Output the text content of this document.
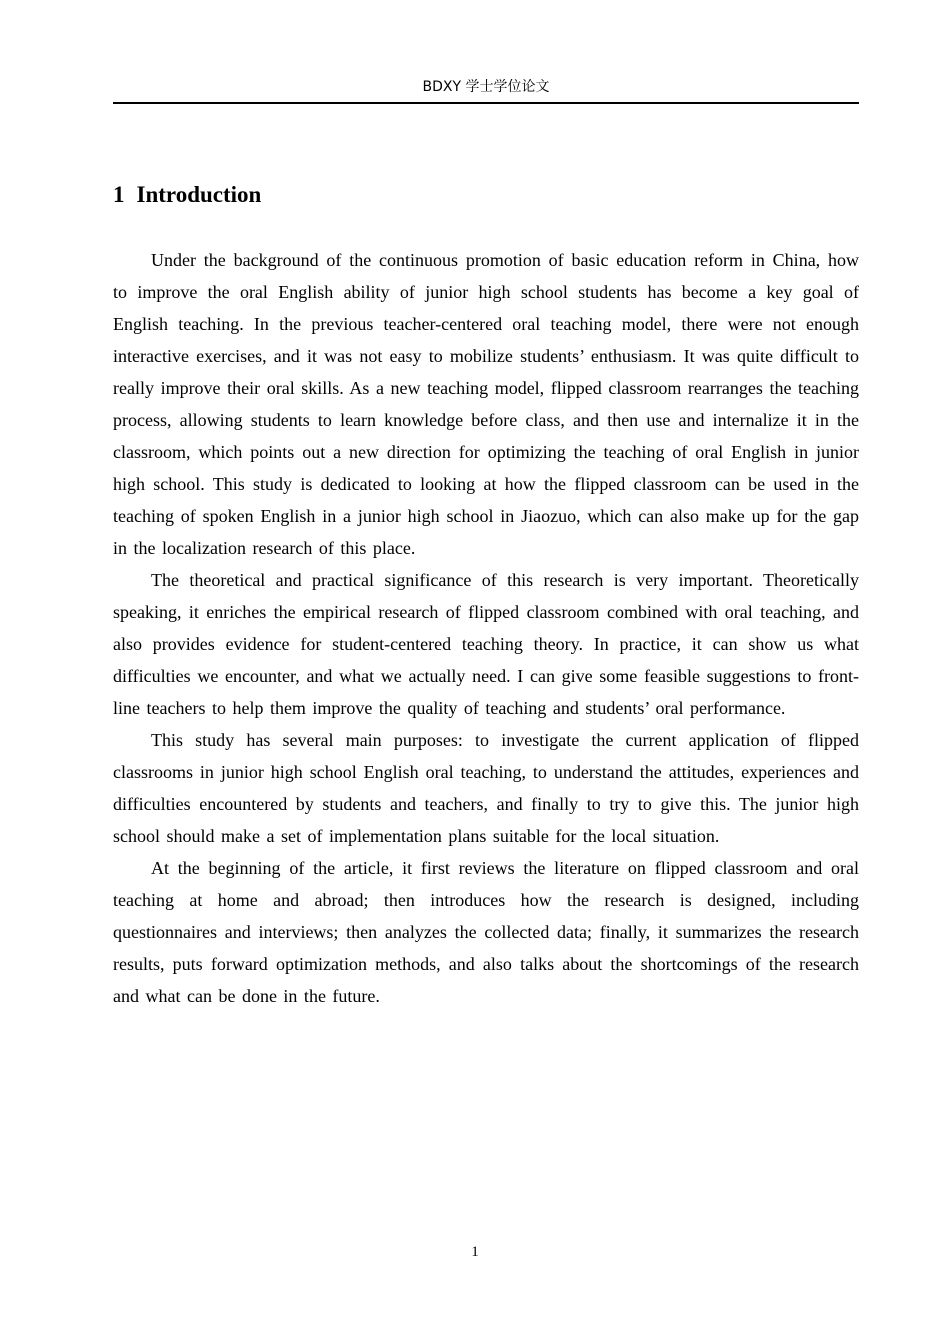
BDXY 学士学位论文
1 Introduction

Under the background of the continuous promotion of basic education reform in China, how to improve the oral English ability of junior high school students has become a key goal of English teaching. In the previous teacher-centered oral teaching model, there were not enough interactive exercises, and it was not easy to mobilize students’ enthusiasm. It was quite difficult to really improve their oral skills. As a new teaching model, flipped classroom rearranges the teaching process, allowing students to learn knowledge before class, and then use and internalize it in the classroom, which points out a new direction for optimizing the teaching of oral English in junior high school. This study is dedicated to looking at how the flipped classroom can be used in the teaching of spoken English in a junior high school in Jiaozuo, which can also make up for the gap in the localization research of this place.

The theoretical and practical significance of this research is very important. Theoretically speaking, it enriches the empirical research of flipped classroom combined with oral teaching, and also provides evidence for student-centered teaching theory. In practice, it can show us what difficulties we encounter, and what we actually need. I can give some feasible suggestions to front-line teachers to help them improve the quality of teaching and students’ oral performance.

This study has several main purposes: to investigate the current application of flipped classrooms in junior high school English oral teaching, to understand the attitudes, experiences and difficulties encountered by students and teachers, and finally to try to give this. The junior high school should make a set of implementation plans suitable for the local situation.

At the beginning of the article, it first reviews the literature on flipped classroom and oral teaching at home and abroad; then introduces how the research is designed, including questionnaires and interviews; then analyzes the collected data; finally, it summarizes the research results, puts forward optimization methods, and also talks about the shortcomings of the research and what can be done in the future.

1
